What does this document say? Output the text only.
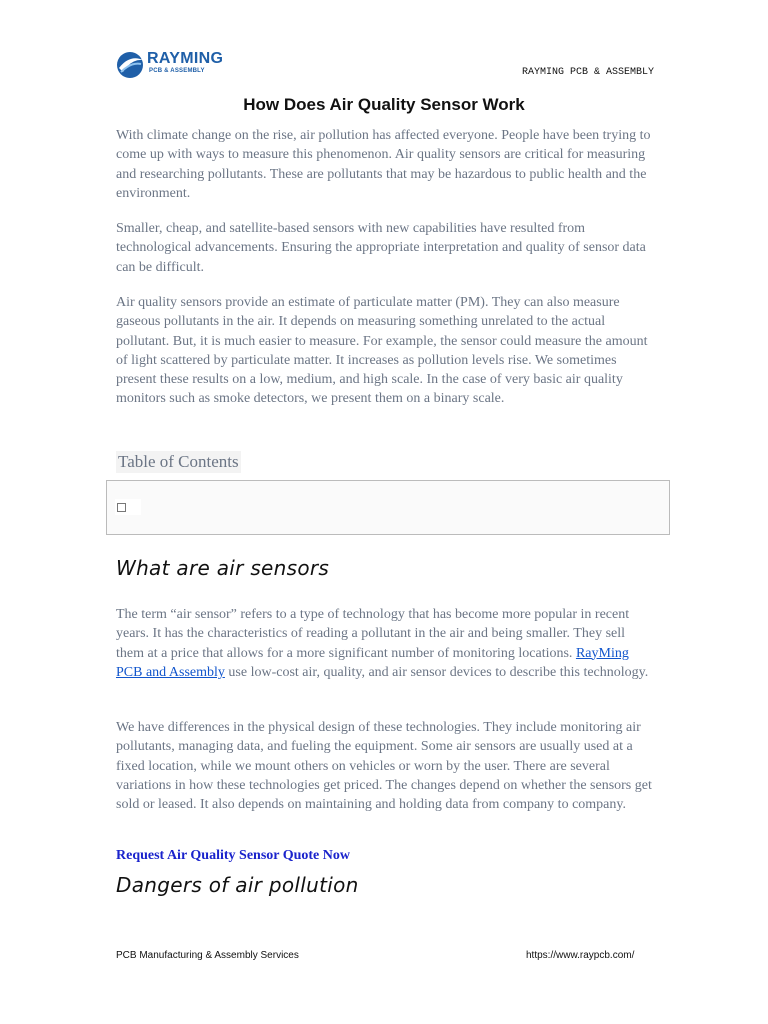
RAYMING
PCB & ASSEMBLY	RAYMING PCB & ASSEMBLY
How Does Air Quality Sensor Work

With climate change on the rise, air pollution has affected everyone. People have been trying to come up with ways to measure this phenomenon. Air quality sensors are critical for measuring and researching pollutants. These are pollutants that may be hazardous to public health and the environment.

Smaller, cheap, and satellite-based sensors with new capabilities have resulted from technological advancements. Ensuring the appropriate interpretation and quality of sensor data can be difficult.

Air quality sensors provide an estimate of particulate matter (PM). They can also measure gaseous pollutants in the air. It depends on measuring something unrelated to the actual pollutant. But, it is much easier to measure. For example, the sensor could measure the amount of light scattered by particulate matter. It increases as pollution levels rise. We sometimes present these results on a low, medium, and high scale. In the case of very basic air quality monitors such as smoke detectors, we present them on a binary scale.

Table of Contents
What are air sensors

The term “air sensor” refers to a type of technology that has become more popular in recent years. It has the characteristics of reading a pollutant in the air and being smaller. They sell them at a price that allows for a more significant number of monitoring locations. RayMing PCB and Assembly use low-cost air, quality, and air sensor devices to describe this technology.

We have differences in the physical design of these technologies. They include monitoring air pollutants, managing data, and fueling the equipment. Some air sensors are usually used at a fixed location, while we mount others on vehicles or worn by the user. There are several variations in how these technologies get priced. The changes depend on whether the sensors get sold or leased. It also depends on maintaining and holding data from company to company.

Request Air Quality Sensor Quote Now
Dangers of air pollution
PCB Manufacturing & Assembly Services	https://www.raypcb.com/
